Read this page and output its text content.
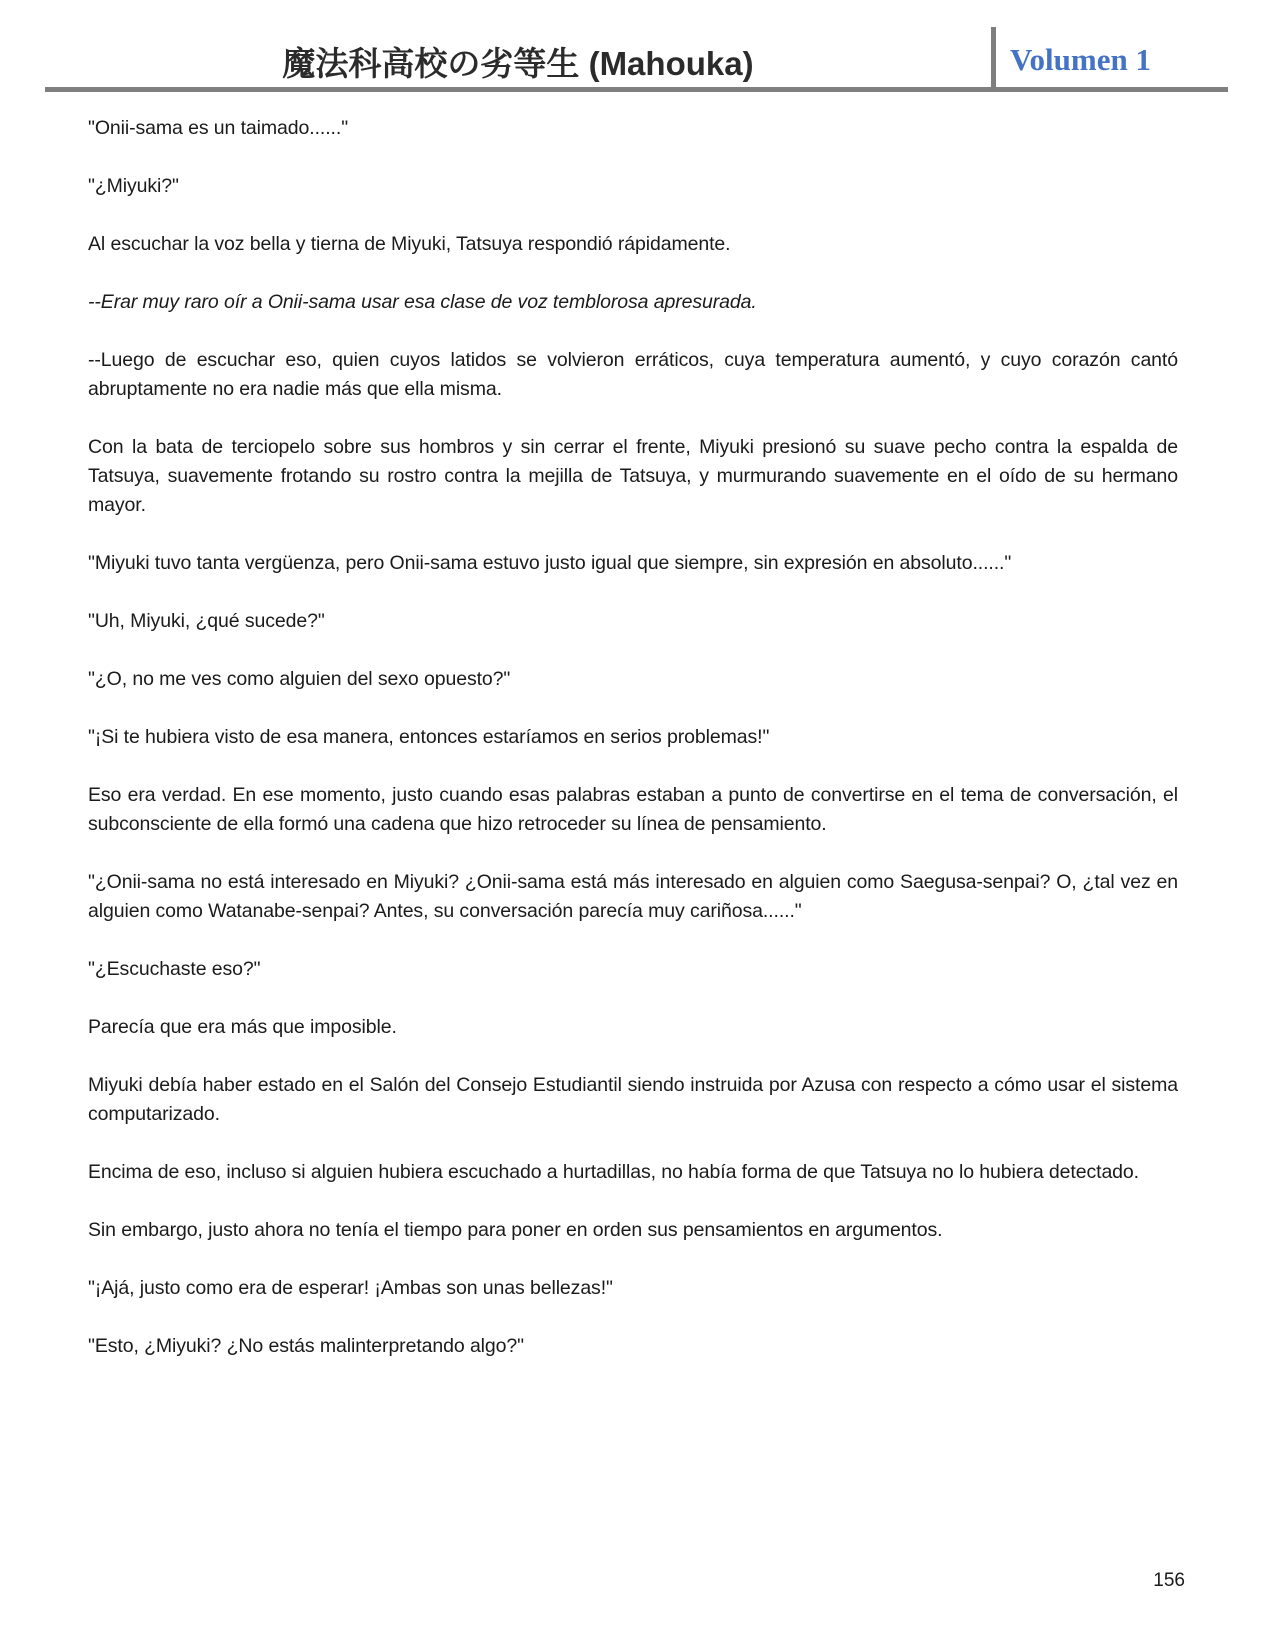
魔法科高校の劣等生 (Mahouka)	Volumen 1

"Onii-sama es un taimado......"

"¿Miyuki?"

Al escuchar la voz bella y tierna de Miyuki, Tatsuya respondió rápidamente.

--Erar muy raro oír a Onii-sama usar esa clase de voz temblorosa apresurada.

--Luego de escuchar eso, quien cuyos latidos se volvieron erráticos, cuya temperatura aumentó, y cuyo corazón cantó abruptamente no era nadie más que ella misma.

Con la bata de terciopelo sobre sus hombros y sin cerrar el frente, Miyuki presionó su suave pecho contra la espalda de Tatsuya, suavemente frotando su rostro contra la mejilla de Tatsuya, y murmurando suavemente en el oído de su hermano mayor.

"Miyuki tuvo tanta vergüenza, pero Onii-sama estuvo justo igual que siempre, sin expresión en absoluto......"

"Uh, Miyuki, ¿qué sucede?"

"¿O, no me ves como alguien del sexo opuesto?"

"¡Si te hubiera visto de esa manera, entonces estaríamos en serios problemas!"

Eso era verdad. En ese momento, justo cuando esas palabras estaban a punto de convertirse en el tema de conversación, el subconsciente de ella formó una cadena que hizo retroceder su línea de pensamiento.

"¿Onii-sama no está interesado en Miyuki? ¿Onii-sama está más interesado en alguien como Saegusa-senpai? O, ¿tal vez en alguien como Watanabe-senpai? Antes, su conversación parecía muy cariñosa......"

"¿Escuchaste eso?"

Parecía que era más que imposible.

Miyuki debía haber estado en el Salón del Consejo Estudiantil siendo instruida por Azusa con respecto a cómo usar el sistema computarizado.

Encima de eso, incluso si alguien hubiera escuchado a hurtadillas, no había forma de que Tatsuya no lo hubiera detectado.

Sin embargo, justo ahora no tenía el tiempo para poner en orden sus pensamientos en argumentos.

"¡Ajá, justo como era de esperar! ¡Ambas son unas bellezas!"

"Esto, ¿Miyuki? ¿No estás malinterpretando algo?"

156
